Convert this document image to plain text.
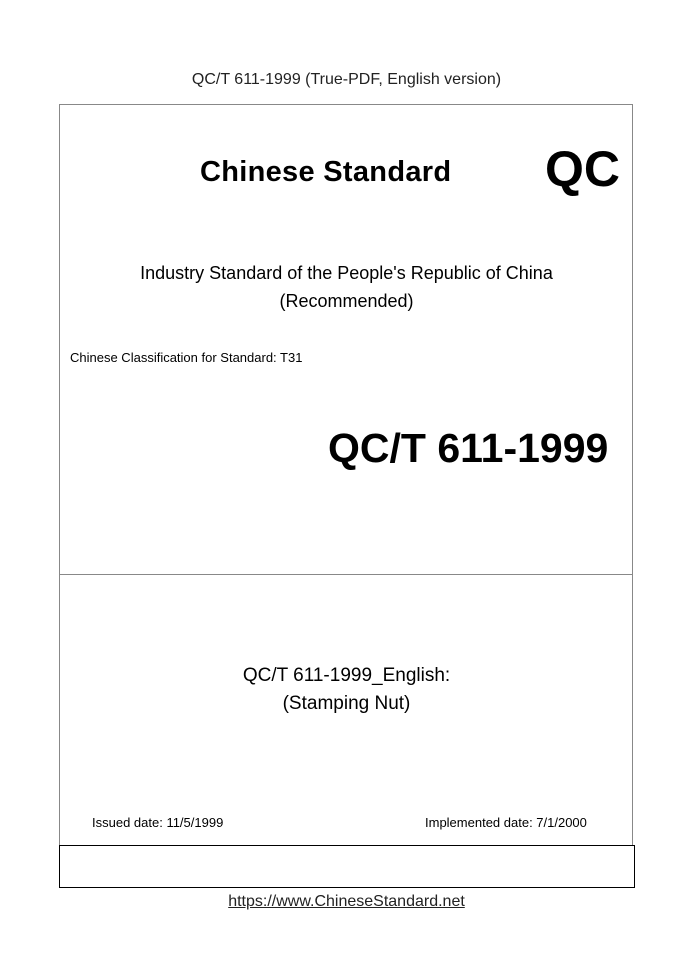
QC/T 611-1999 (True-PDF, English version)
Chinese Standard QC
Industry Standard of the People's Republic of China
(Recommended)
Chinese Classification for Standard: T31
QC/T 611-1999
QC/T 611-1999_English:
(Stamping Nut)
Issued date: 11/5/1999	Implemented date: 7/1/2000
https://www.ChineseStandard.net
